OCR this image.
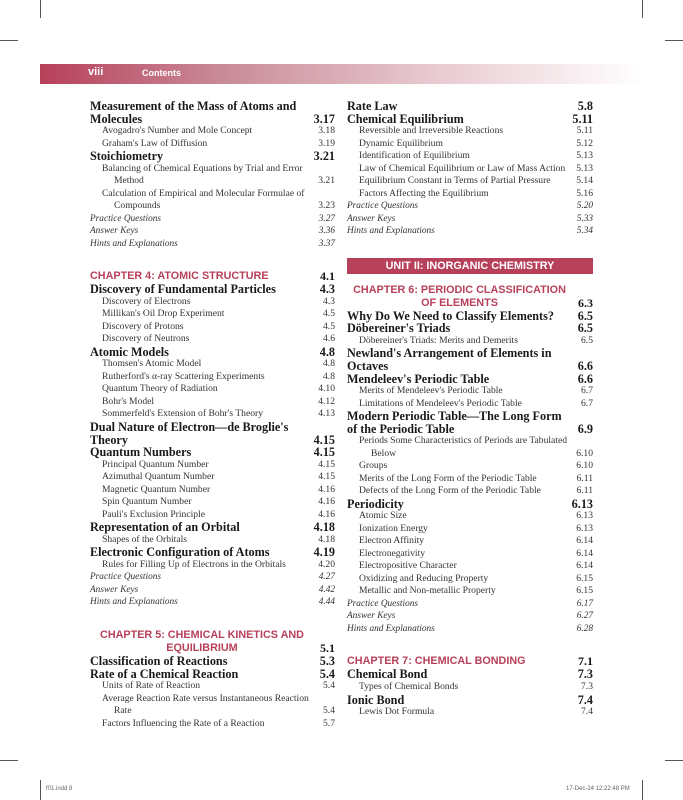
viii	Contents
Measurement of the Mass of Atoms and Molecules	3.17
Avogadro's Number and Mole Concept	3.18
Graham's Law of Diffusion	3.19
Stoichiometry	3.21
Balancing of Chemical Equations by Trial and Error Method	3.21
Calculation of Empirical and Molecular Formulae of Compounds	3.23
Practice Questions	3.27
Answer Keys	3.36
Hints and Explanations	3.37
CHAPTER 4: ATOMIC STRUCTURE	4.1
Discovery of Fundamental Particles	4.3
Discovery of Electrons	4.3
Millikan's Oil Drop Experiment	4.5
Discovery of Protons	4.5
Discovery of Neutrons	4.6
Atomic Models	4.8
Thomsen's Atomic Model	4.8
Rutherford's α-ray Scattering Experiments	4.8
Quantum Theory of Radiation	4.10
Bohr's Model	4.12
Sommerfeld's Extension of Bohr's Theory	4.13
Dual Nature of Electron—de Broglie's Theory	4.15
Quantum Numbers	4.15
Principal Quantum Number	4.15
Azimuthal Quantum Number	4.15
Magnetic Quantum Number	4.16
Spin Quantum Number	4.16
Pauli's Exclusion Principle	4.16
Representation of an Orbital	4.18
Shapes of the Orbitals	4.18
Electronic Configuration of Atoms	4.19
Rules for Filling Up of Electrons in the Orbitals	4.20
Practice Questions	4.27
Answer Keys	4.42
Hints and Explanations	4.44
CHAPTER 5: CHEMICAL KINETICS AND EQUILIBRIUM	5.1
Classification of Reactions	5.3
Rate of a Chemical Reaction	5.4
Units of Rate of Reaction	5.4
Average Reaction Rate versus Instantaneous Reaction Rate	5.4
Factors Influencing the Rate of a Reaction	5.7
Rate Law	5.8
Chemical Equilibrium	5.11
Reversible and Irreversible Reactions	5.11
Dynamic Equilibrium	5.12
Identification of Equilibrium	5.13
Law of Chemical Equilibrium or Law of Mass Action	5.13
Equilibrium Constant in Terms of Partial Pressure	5.14
Factors Affecting the Equilibrium	5.16
Practice Questions	5.20
Answer Keys	5.33
Hints and Explanations	5.34
UNIT II: INORGANIC CHEMISTRY
CHAPTER 6: PERIODIC CLASSIFICATION OF ELEMENTS	6.3
Why Do We Need to Classify Elements?	6.5
Döbereiner's Triads	6.5
Döbereiner's Triads: Merits and Demerits	6.5
Newland's Arrangement of Elements in Octaves	6.6
Mendeleev's Periodic Table	6.6
Merits of Mendeleev's Periodic Table	6.7
Limitations of Mendeleev's Periodic Table	6.7
Modern Periodic Table—The Long Form of the Periodic Table	6.9
Periods Some Characteristics of Periods are Tabulated Below	6.10
Groups	6.10
Merits of the Long Form of the Periodic Table	6.11
Defects of the Long Form of the Periodic Table	6.11
Periodicity	6.13
Atomic Size	6.13
Ionization Energy	6.13
Electron Affinity	6.14
Electronegativity	6.14
Electropositive Character	6.14
Oxidizing and Reducing Property	6.15
Metallic and Non-metallic Property	6.15
Practice Questions	6.17
Answer Keys	6.27
Hints and Explanations	6.28
CHAPTER 7: CHEMICAL BONDING	7.1
Chemical Bond	7.3
Types of Chemical Bonds	7.3
Ionic Bond	7.4
Lewis Dot Formula	7.4
f01.indd 8	17-Dec-24 12:22:48 PM
